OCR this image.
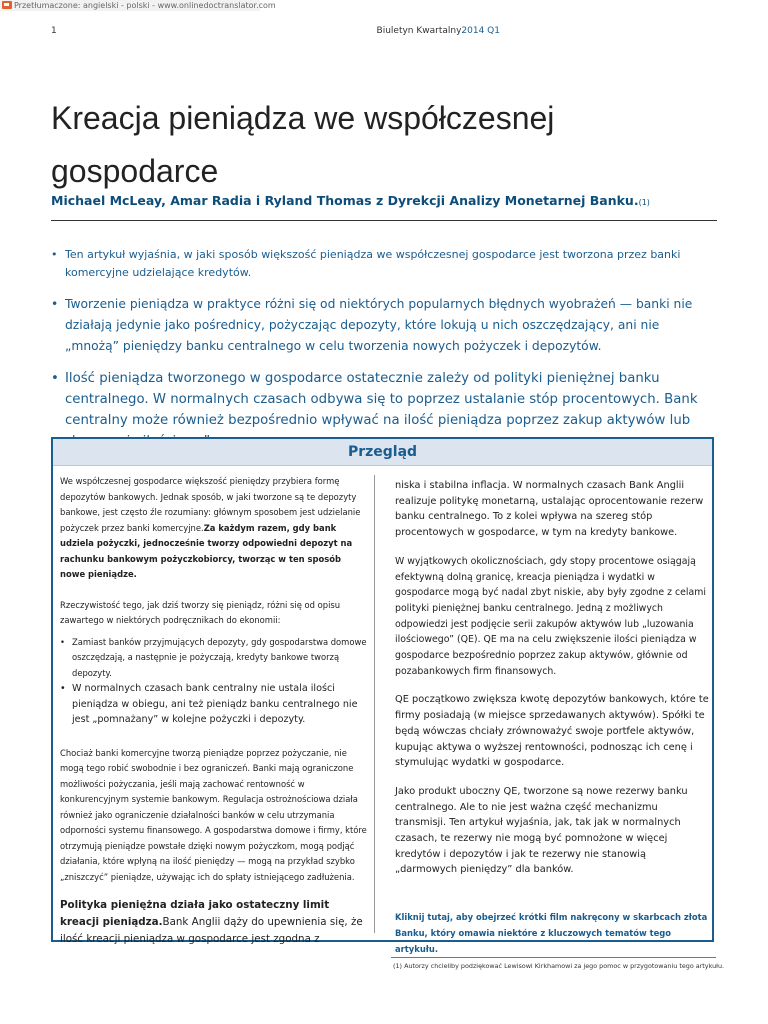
Przetłumaczone: angielski - polski - www.onlinedoctranslator.com
1	Biuletyn Kwartalny2014 Q1
Kreacja pieniądza we współczesnej gospodarce
Michael McLeay, Amar Radia i Ryland Thomas z Dyrekcji Analizy Monetarnej Banku.(1)
• Ten artykuł wyjaśnia, w jaki sposób większość pieniądza we współczesnej gospodarce jest tworzona przez banki komercyjne udzielające kredytów.
• Tworzenie pieniądza w praktyce różni się od niektórych popularnych błędnych wyobrażeń — banki nie działają jedynie jako pośrednicy, pożyczając depozyty, które lokują u nich oszczędzający, ani nie „mnożą” pieniędzy banku centralnego w celu tworzenia nowych pożyczek i depozytów.
• Ilość pieniądza tworzonego w gospodarce ostatecznie zależy od polityki pieniężnej banku centralnego. W normalnych czasach odbywa się to poprzez ustalanie stóp procentowych. Bank centralny może również bezpośrednio wpływać na ilość pieniądza poprzez zakup aktywów lub
Przegląd

We współczesnej gospodarce większość pieniędzy przybiera formę depozytów bankowych. Jednak sposób, w jaki tworzone są te depozyty bankowe, jest często źle rozumiany: głównym sposobem jest udzielanie pożyczek przez banki komercyjne.Za każdym razem, gdy bank udziela pożyczki, jednocześnie tworzy odpowiedni depozyt na rachunku bankowym pożyczkobiorcy, tworząc w ten sposób nowe pieniądze.

Rzeczywistość tego, jak dziś tworzy się pieniądz, różni się od opisu zawartego w niektórych podręcznikach do ekonomii:

• Zamiast banków przyjmujących depozyty, gdy gospodarstwa domowe oszczędzają, a następnie je pożyczają, kredyty bankowe tworzą depozyty.
• W normalnych czasach bank centralny nie ustala ilości pieniądza w obiegu, ani też pieniądz banku centralnego nie jest „pomnażany” w kolejne pożyczki i depozyty.

Chociaż banki komercyjne tworzą pieniądze poprzez pożyczanie, nie mogą tego robić swobodnie i bez ograniczeń. Banki mają ograniczone możliwości pożyczania, jeśli mają zachować rentowność w konkurencyjnym systemie bankowym. Regulacja ostrożnościowa działa również jako ograniczenie działalności banków w celu utrzymania odporności systemu finansowego. A gospodarstwa domowe i firmy, które otrzymują pieniądze powstałe dzięki nowym pożyczkom, mogą podjąć działania, które wpłyną na ilość pieniędzy — mogą na przykład szybko „zniszczyć” pieniądze, używając ich do spłaty istniejącego zadłużenia.

Polityka pieniężna działa jako ostateczny limit kreacji pieniądza.Bank Anglii dąży do upewnienia się, że ilość kreacji pieniądza w gospodarce jest zgodna z

niska i stabilna inflacja. W normalnych czasach Bank Anglii realizuje politykę monetarną, ustalając oprocentowanie rezerw banku centralnego. To z kolei wpływa na szereg stóp procentowych w gospodarce, w tym na kredyty bankowe.

W wyjątkowych okolicznościach, gdy stopy procentowe osiągają efektywną dolną granicę, kreacja pieniądza i wydatki w gospodarce mogą być nadal zbyt niskie, aby były zgodne z celami polityki pieniężnej banku centralnego. Jedną z możliwych odpowiedzi jest podjęcie serii zakupów aktywów lub „luzowania ilościowego” (QE). QE ma na celu zwiększenie ilości pieniądza w gospodarce bezpośrednio poprzez zakup aktywów, głównie od pozabankowych firm finansowych.

QE początkowo zwiększa kwotę depozytów bankowych, które te firmy posiadają (w miejsce sprzedawanych aktywów). Spółki te będą wówczas chciały zrównoważyć swoje portfele aktywów, kupując aktywa o wyższej rentowności, podnosząc ich cenę i stymulując wydatki w gospodarce.

Jako produkt uboczny QE, tworzone są nowe rezerwy banku centralnego. Ale to nie jest ważna część mechanizmu transmisji. Ten artykuł wyjaśnia, jak, tak jak w normalnych czasach, te rezerwy nie mogą być pomnożone w więcej kredytów i depozytów i jak te rezerwy nie stanowią „darmowych pieniędzy” dla banków.

Kliknij tutaj, aby obejrzeć krótki film nakręcony w skarbcach złota Banku, który omawia niektóre z kluczowych tematów tego artykułu.
(1) Autorzy chcieliby podziękować Lewisowi Kirkhamowi za jego pomoc w przygotowaniu tego artykułu.
